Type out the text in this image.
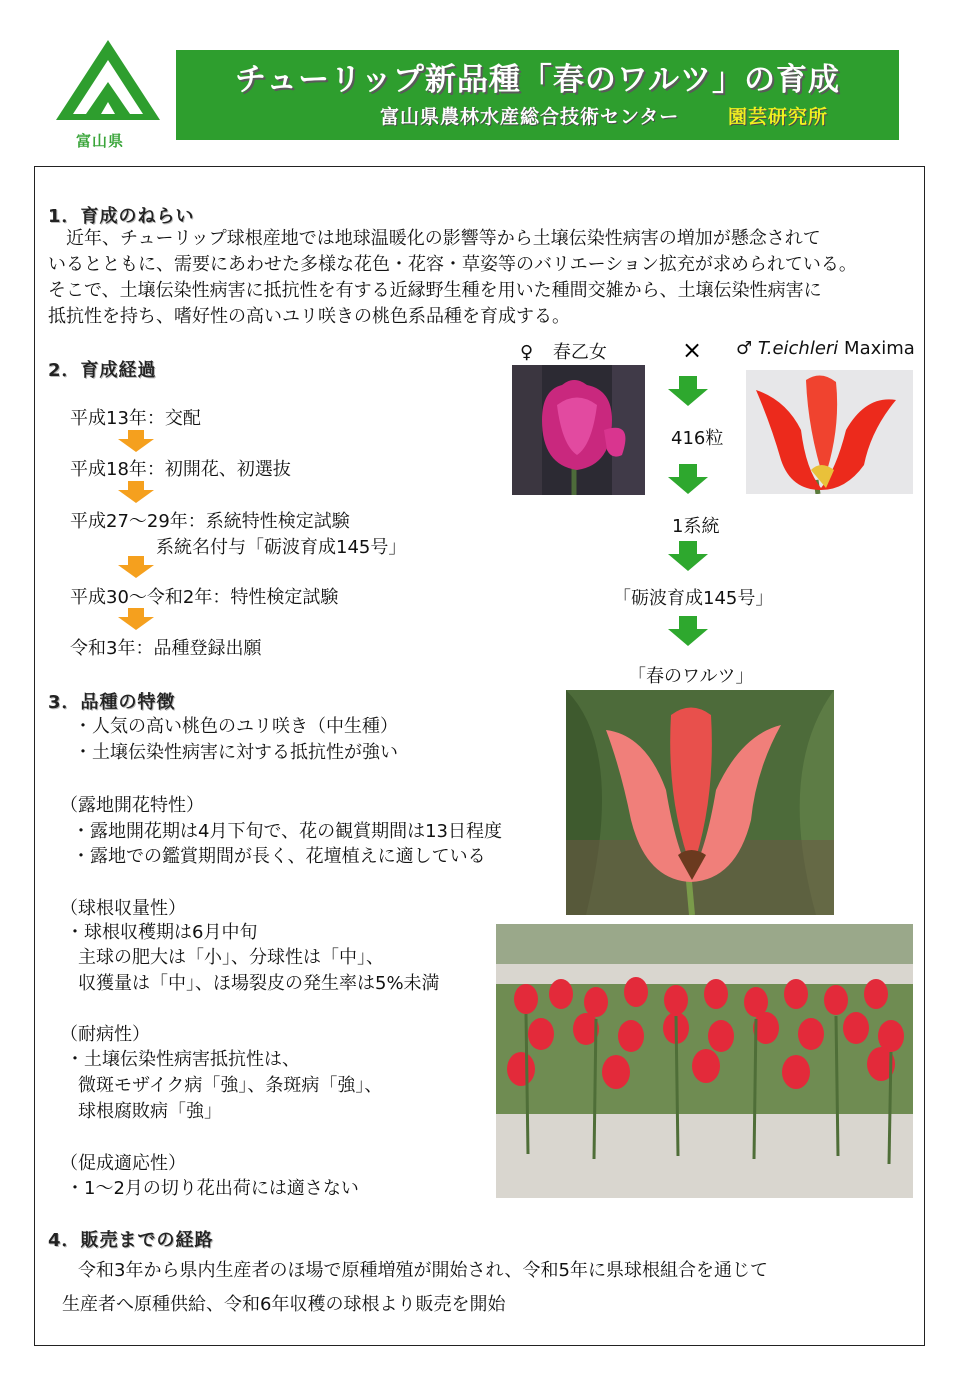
富山県
チューリップ新品種「春のワルツ」の育成
富山県農林水産総合技術センター	園芸研究所
1．育成のねらい
近年、チューリップ球根産地では地球温暖化の影響等から土壌伝染性病害の増加が懸念されて
いるとともに、需要にあわせた多様な花色・花容・草姿等のバリエーション拡充が求められている。
そこで、土壌伝染性病害に抵抗性を有する近縁野生種を用いた種間交雑から、土壌伝染性病害に
抵抗性を持ち、嗜好性の高いユリ咲きの桃色系品種を育成する。
2．育成経過
平成13年：交配
平成18年：初開花、初選抜
平成27～29年：系統特性検定試験
系統名付与「砺波育成145号」
平成30～令和2年：特性検定試験
令和3年：品種登録出願
♀ 春乙女	× ♂ T.eichleri Maxima
416粒
1系統
「砺波育成145号」
「春のワルツ」
3．品種の特徴
・人気の高い桃色のユリ咲き（中生種）
・土壌伝染性病害に対する抵抗性が強い
（露地開花特性）
・露地開花期は4月下旬で、花の観賞期間は13日程度
・露地での鑑賞期間が長く、花壇植えに適している
（球根収量性）
・球根収穫期は6月中旬
主球の肥大は「小」、分球性は「中」、
収獲量は「中」、ほ場裂皮の発生率は5%未満
（耐病性）
・土壌伝染性病害抵抗性は、
微斑モザイク病「強」、条斑病「強」、
球根腐敗病「強」
（促成適応性）
・1～2月の切り花出荷には適さない
4．販売までの経路
令和3年から県内生産者のほ場で原種増殖が開始され、令和5年に県球根組合を通じて
生産者へ原種供給、令和6年収穫の球根より販売を開始
